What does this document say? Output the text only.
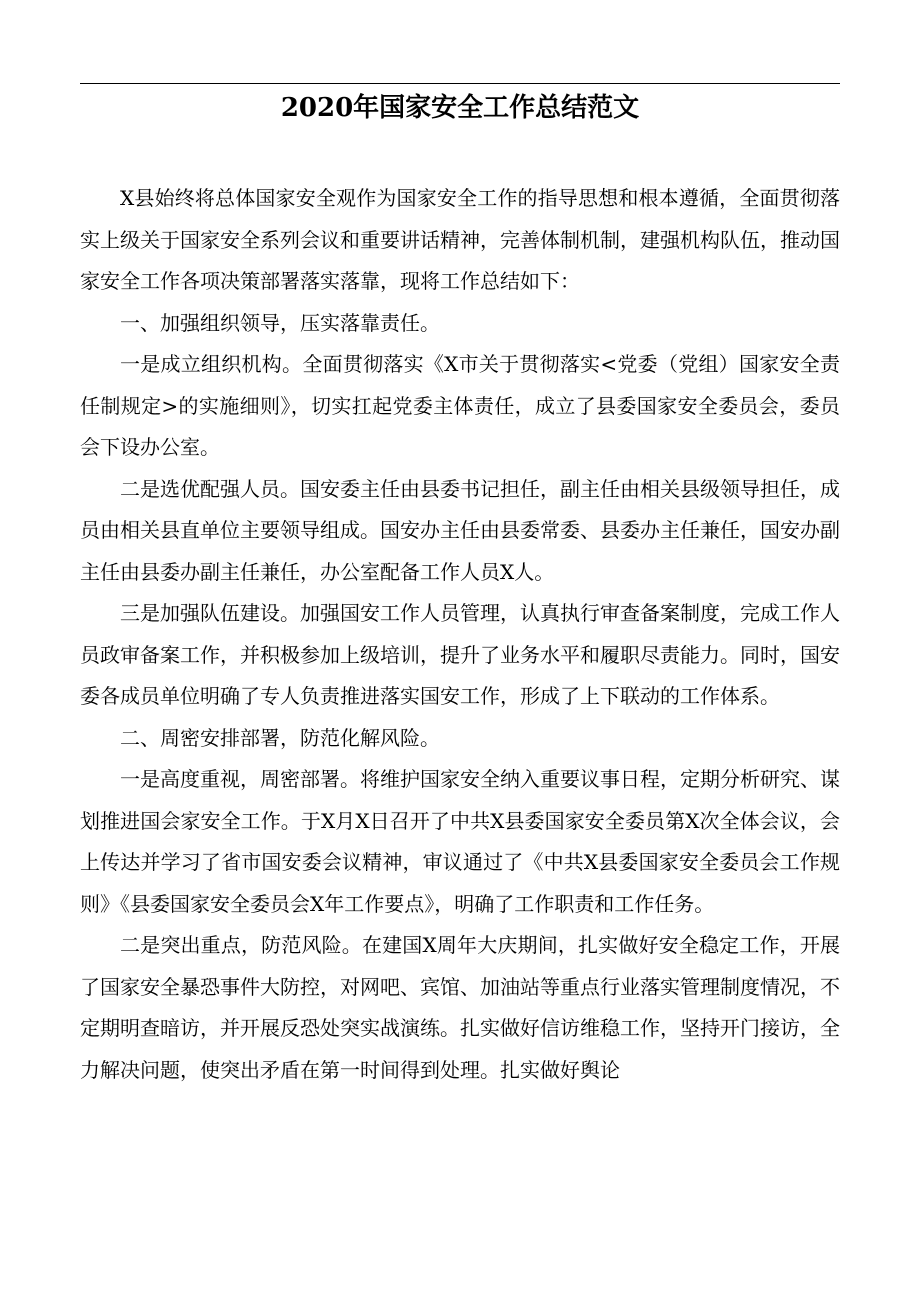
2020年国家安全工作总结范文

X县始终将总体国家安全观作为国家安全工作的指导思想和根本遵循，全面贯彻落实上级关于国家安全系列会议和重要讲话精神，完善体制机制，建强机构队伍，推动国家安全工作各项决策部署落实落靠，现将工作总结如下：

一、加强组织领导，压实落靠责任。

一是成立组织机构。全面贯彻落实《X市关于贯彻落实<党委（党组）国家安全责任制规定>的实施细则》，切实扛起党委主体责任，成立了县委国家安全委员会，委员会下设办公室。

二是选优配强人员。国安委主任由县委书记担任，副主任由相关县级领导担任，成员由相关县直单位主要领导组成。国安办主任由县委常委、县委办主任兼任，国安办副主任由县委办副主任兼任，办公室配备工作人员X人。

三是加强队伍建设。加强国安工作人员管理，认真执行审查备案制度，完成工作人员政审备案工作，并积极参加上级培训，提升了业务水平和履职尽责能力。同时，国安委各成员单位明确了专人负责推进落实国安工作，形成了上下联动的工作体系。

二、周密安排部署，防范化解风险。

一是高度重视，周密部署。将维护国家安全纳入重要议事日程，定期分析研究、谋划推进国会家安全工作。于X月X日召开了中共X县委国家安全委员第X次全体会议，会上传达并学习了省市国安委会议精神，审议通过了《中共X县委国家安全委员会工作规则》《县委国家安全委员会X年工作要点》，明确了工作职责和工作任务。

二是突出重点，防范风险。在建国X周年大庆期间，扎实做好安全稳定工作，开展了国家安全暴恐事件大防控，对网吧、宾馆、加油站等重点行业落实管理制度情况，不定期明查暗访，并开展反恐处突实战演练。扎实做好信访维稳工作，坚持开门接访，全力解决问题，使突出矛盾在第一时间得到处理。扎实做好舆论
